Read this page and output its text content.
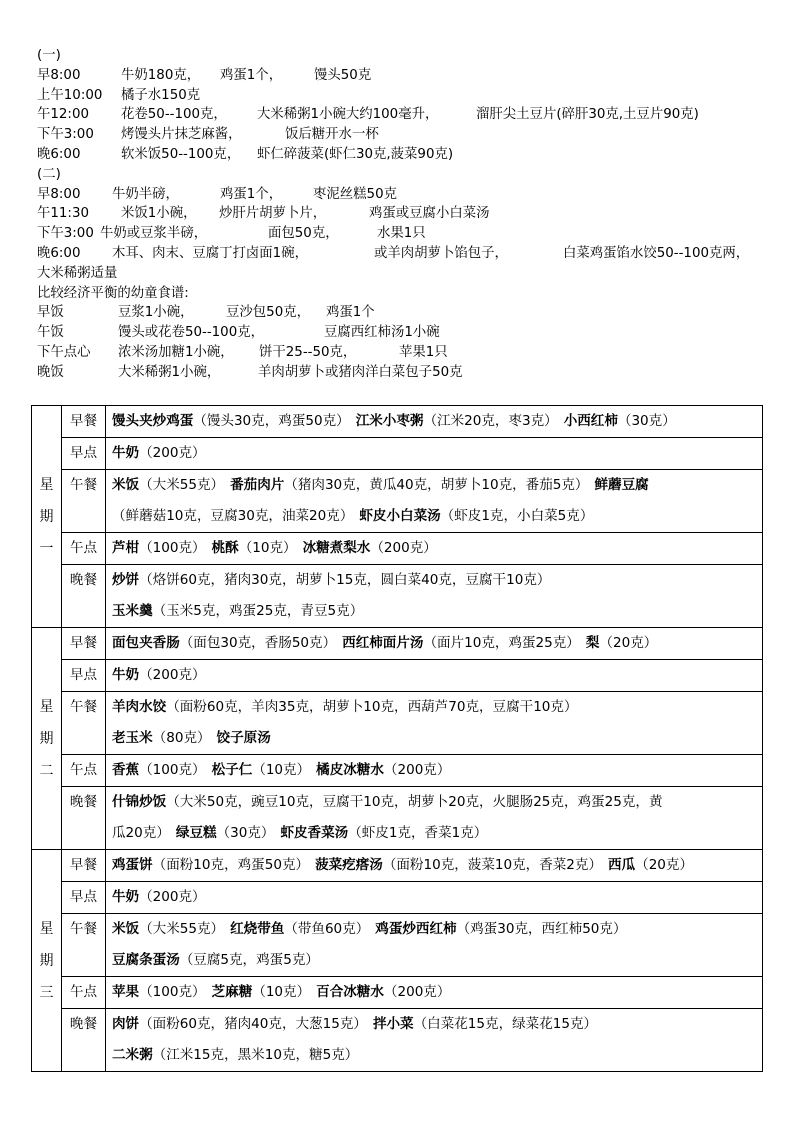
(一)
早8:00	牛奶180克， 鸡蛋1个， 馒头50克
上午10:00 橘子水150克
午12:00 花卷50--100克， 大米稀粥1小碗大约100毫升，	溜肝尖土豆片(碎肝30克,土豆片90克)
下午3:00 烤馒头片抹芝麻酱，	饭后糖开水一杯
晚6:00	软米饭50--100克， 虾仁碎菠菜(虾仁30克,菠菜90克)
(二)
早8:00 牛奶半磅，	鸡蛋1个， 枣泥丝糕50克
午11:30 米饭1小碗， 炒肝片胡萝卜片，	鸡蛋或豆腐小白菜汤
下午3:00 牛奶或豆浆半磅，	面包50克，	水果1只
晚6:00 木耳、肉末、豆腐丁打卤面1碗，	或羊肉胡萝卜馅包子，	白菜鸡蛋馅水饺50--100克两，
大米稀粥适量
比较经济平衡的幼童食谱:
早饭	豆浆1小碗， 豆沙包50克， 鸡蛋1个
午饭	馒头或花卷50--100克，	豆腐西红柿汤1小碗
下午点心 浓米汤加糖1小碗， 饼干25--50克，	苹果1只
晚饭	大米稀粥1小碗，	羊肉胡萝卜或猪肉洋白菜包子50克
星
期
一	早餐	馒头夹炒鸡蛋（馒头30克，鸡蛋50克） 江米小枣粥（江米20克，枣3克） 小西红柿（30克）

	早点	牛奶（200克）

	午餐	米饭（大米55克） 番茄肉片（猪肉30克，黄瓜40克，胡萝卜10克，番茄5克） 鲜蘑豆腐
（鲜蘑菇10克，豆腐30克，油菜20克） 虾皮小白菜汤（虾皮1克，小白菜5克）

	午点	芦柑（100克） 桃酥（10克） 冰糖煮梨水（200克）

	晚餐	炒饼（烙饼60克，猪肉30克，胡萝卜15克，圆白菜40克，豆腐干10克）
玉米羹（玉米5克，鸡蛋25克，青豆5克）

星
期
二	早餐	面包夹香肠（面包30克，香肠50克） 西红柿面片汤（面片10克，鸡蛋25克） 梨（20克）

	早点	牛奶（200克）

	午餐	羊肉水饺（面粉60克，羊肉35克，胡萝卜10克，西葫芦70克，豆腐干10克）
老玉米（80克） 饺子原汤

	午点	香蕉（100克） 松子仁（10克） 橘皮冰糖水（200克）

	晚餐	什锦炒饭（大米50克，豌豆10克，豆腐干10克，胡萝卜20克，火腿肠25克，鸡蛋25克，黄
瓜20克） 绿豆糕（30克） 虾皮香菜汤（虾皮1克，香菜1克）

星
期
三	早餐	鸡蛋饼（面粉10克，鸡蛋50克） 菠菜疙瘩汤（面粉10克，菠菜10克，香菜2克） 西瓜（20克）

	早点	牛奶（200克）

	午餐	米饭（大米55克） 红烧带鱼（带鱼60克） 鸡蛋炒西红柿（鸡蛋30克，西红柿50克）
豆腐条蛋汤（豆腐5克，鸡蛋5克）

	午点	苹果（100克） 芝麻糖（10克） 百合冰糖水（200克）

	晚餐	肉饼（面粉60克，猪肉40克，大葱15克） 拌小菜（白菜花15克，绿菜花15克）
二米粥（江米15克，黑米10克，糖5克）
